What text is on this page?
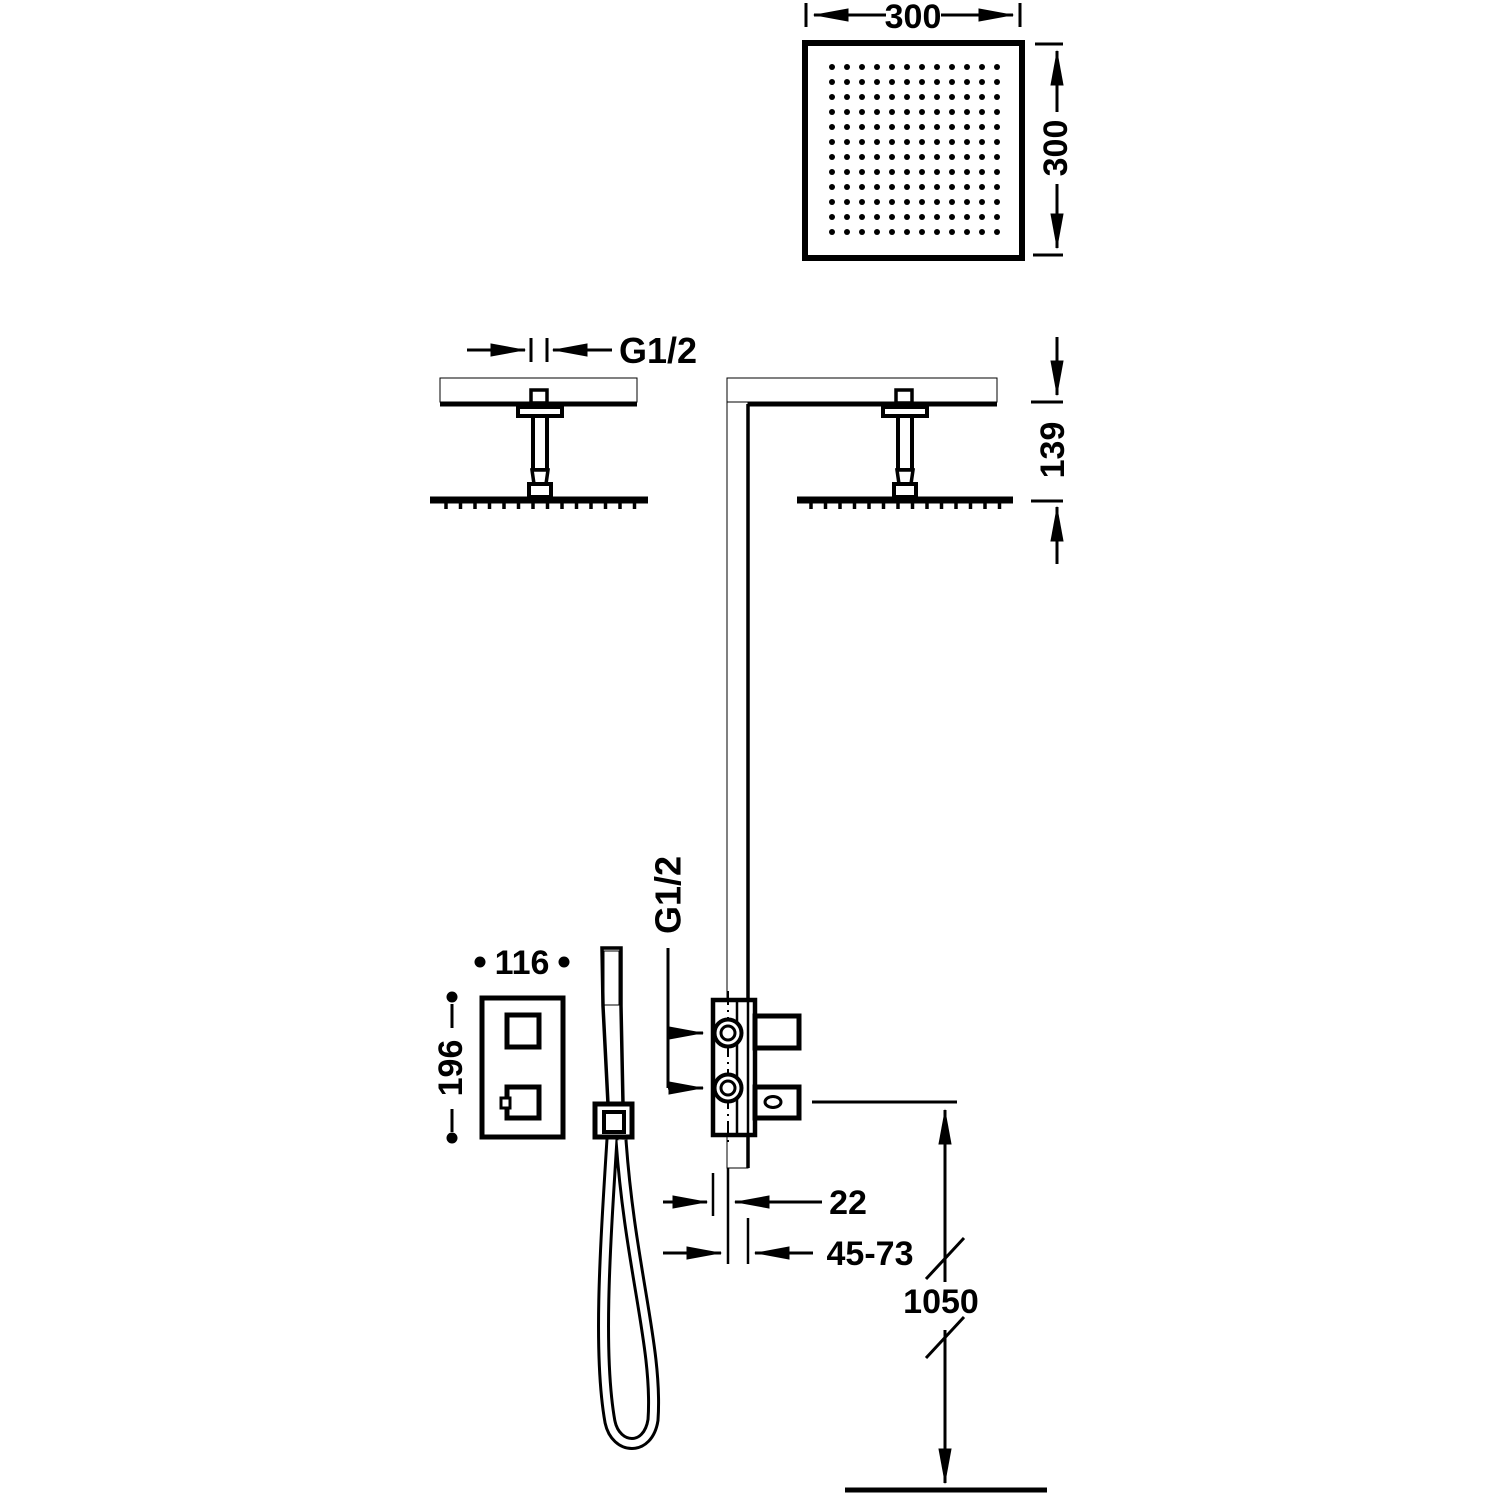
300
300
G1/2
139
116
196
G1/2
22
45-73
1050
